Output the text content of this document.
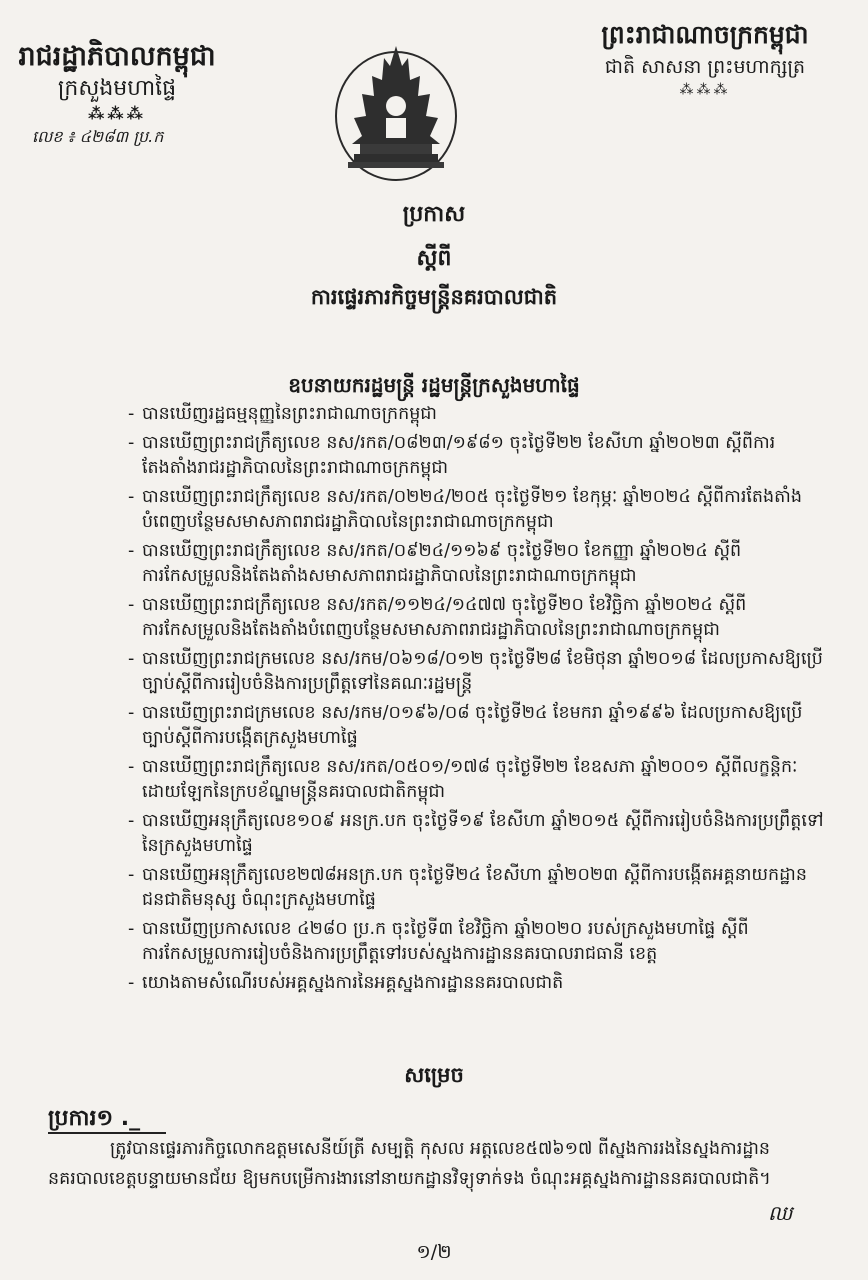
រាជរដ្ឋាភិបាលកម្ពុជា
ក្រសួងមហាផ្ទៃ
⁂⁂⁂
លេខ ៖ ៤២៨៣ ប្រ.ក
ព្រះរាជាណាចក្រកម្ពុជា
ជាតិ សាសនា ព្រះមហាក្សត្រ
⁂⁂⁂
ប្រកាស
ស្តីពី
ការផ្ទេរភារកិច្ចមន្ត្រីនគរបាលជាតិ
ឧបនាយករដ្ឋមន្ត្រី រដ្ឋមន្ត្រីក្រសួងមហាផ្ទៃ
- បានឃើញរដ្ឋធម្មនុញ្ញនៃព្រះរាជាណាចក្រកម្ពុជា
- បានឃើញព្រះរាជក្រឹត្យលេខ នស/រកត/០៨២៣/១៩៨១ ចុះថ្ងៃទី២២ ខែសីហា ឆ្នាំ២០២៣ ស្តីពីការតែងតាំងរាជរដ្ឋាភិបាលនៃព្រះរាជាណាចក្រកម្ពុជា
- បានឃើញព្រះរាជក្រឹត្យលេខ នស/រកត/០២២៤/២០៥ ចុះថ្ងៃទី២១ ខែកុម្ភៈ ឆ្នាំ២០២៤ ស្តីពីការតែងតាំងបំពេញបន្ថែមសមាសភាពរាជរដ្ឋាភិបាលនៃព្រះរាជាណាចក្រកម្ពុជា
- បានឃើញព្រះរាជក្រឹត្យលេខ នស/រកត/០៩២៤/១១៦៩ ចុះថ្ងៃទី២០ ខែកញ្ញា ឆ្នាំ២០២៤ ស្តីពីការកែសម្រួលនិងតែងតាំងសមាសភាពរាជរដ្ឋាភិបាលនៃព្រះរាជាណាចក្រកម្ពុជា
- បានឃើញព្រះរាជក្រឹត្យលេខ នស/រកត/១១២៤/១៤៧៧ ចុះថ្ងៃទី២០ ខែវិច្ឆិកា ឆ្នាំ២០២៤ ស្តីពីការកែសម្រួលនិងតែងតាំងបំពេញបន្ថែមសមាសភាពរាជរដ្ឋាភិបាលនៃព្រះរាជាណាចក្រកម្ពុជា
- បានឃើញព្រះរាជក្រមលេខ នស/រកម/០៦១៨/០១២ ចុះថ្ងៃទី២៨ ខែមិថុនា ឆ្នាំ២០១៨ ដែលប្រកាសឱ្យប្រើច្បាប់ស្តីពីការរៀបចំនិងការប្រព្រឹត្តទៅនៃគណៈរដ្ឋមន្ត្រី
- បានឃើញព្រះរាជក្រមលេខ នស/រកម/០១៩៦/០៨ ចុះថ្ងៃទី២៤ ខែមករា ឆ្នាំ១៩៩៦ ដែលប្រកាសឱ្យប្រើច្បាប់ស្តីពីការបង្កើតក្រសួងមហាផ្ទៃ
- បានឃើញព្រះរាជក្រឹត្យលេខ នស/រកត/០៥០១/១៧៨ ចុះថ្ងៃទី២២ ខែឧសភា ឆ្នាំ២០០១ ស្តីពីលក្ខន្តិកៈដោយឡែកនៃក្របខ័ណ្ឌមន្ត្រីនគរបាលជាតិកម្ពុជា
- បានឃើញអនុក្រឹត្យលេខ១០៩ អនក្រ.បក ចុះថ្ងៃទី១៩ ខែសីហា ឆ្នាំ២០១៥ ស្តីពីការរៀបចំនិងការប្រព្រឹត្តទៅនៃក្រសួងមហាផ្ទៃ
- បានឃើញអនុក្រឹត្យលេខ២៧៨អនក្រ.បក ចុះថ្ងៃទី២៤ ខែសីហា ឆ្នាំ២០២៣ ស្តីពីការបង្កើតអគ្គនាយកដ្ឋានជនជាតិមនុស្ស ចំណុះក្រសួងមហាផ្ទៃ
- បានឃើញប្រកាសលេខ ៤២៨០ ប្រ.ក ចុះថ្ងៃទី៣ ខែវិច្ឆិកា ឆ្នាំ២០២០ របស់ក្រសួងមហាផ្ទៃ ស្តីពីការកែសម្រួលការរៀបចំនិងការប្រព្រឹត្តទៅរបស់ស្នងការដ្ឋាននគរបាលរាជធានី ខេត្ត
- យោងតាមសំណើរបស់អគ្គស្នងការនៃអគ្គស្នងការដ្ឋាននគរបាលជាតិ
សម្រេច
ប្រការ១ ._
ត្រូវបានផ្ទេរភារកិច្ចលោកឧត្តមសេនីយ៍ត្រី សម្បត្តិ កុសល អត្តលេខ៥៧៦១៧ ពីស្នងការរងនៃស្នងការដ្ឋាននគរបាលខេត្តបន្ទាយមានជ័យ ឱ្យមកបម្រើការងារនៅនាយកដ្ឋានវិទ្យុទាក់ទង ចំណុះអគ្គស្នងការដ្ឋាននគរបាលជាតិ។
ឈ
១/២
